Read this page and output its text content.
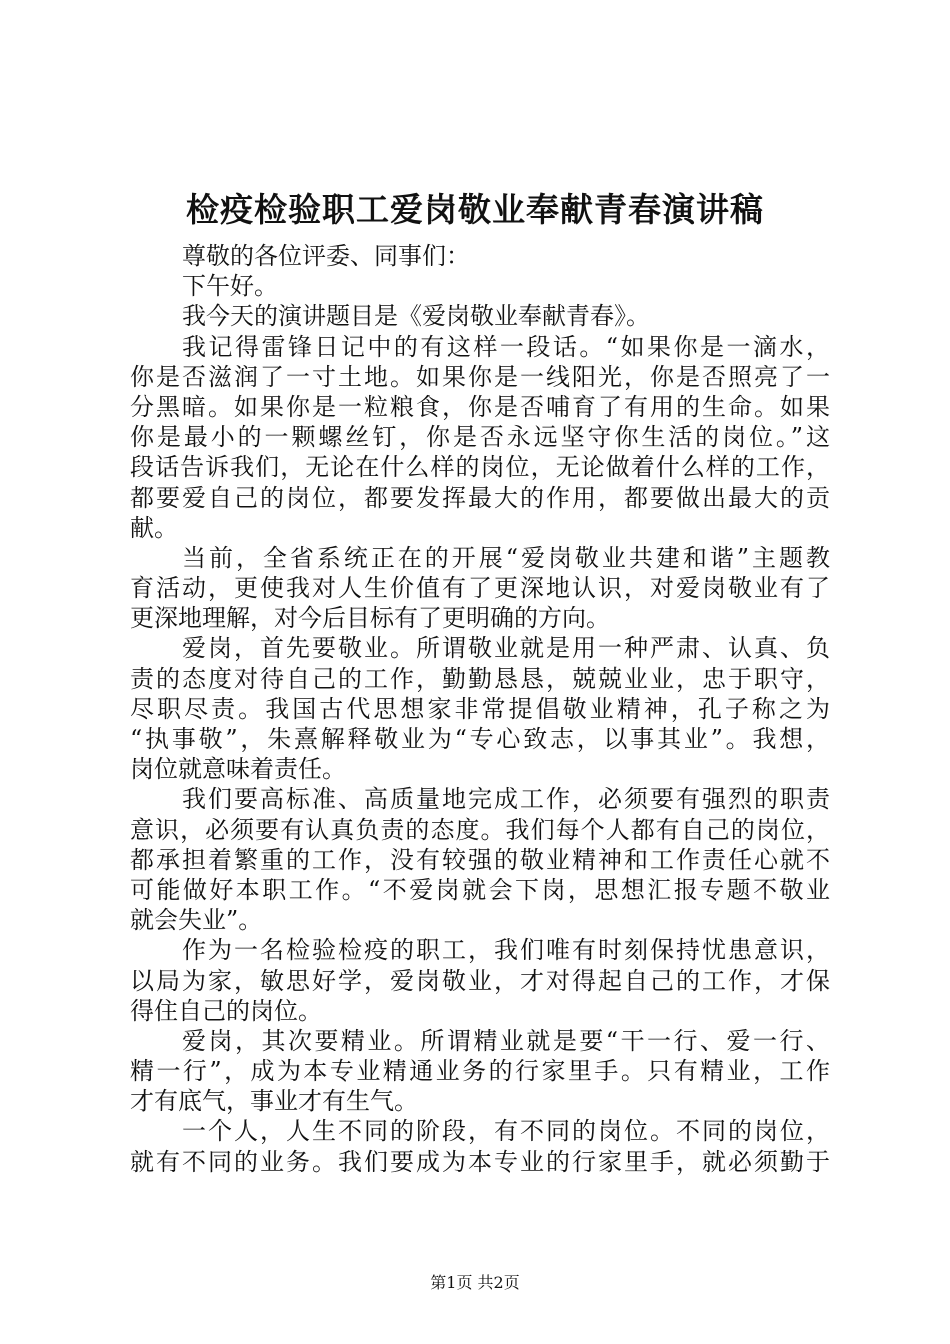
检疫检验职工爱岗敬业奉献青春演讲稿
尊敬的各位评委、同事们：
下午好。
我今天的演讲题目是《爱岗敬业奉献青春》。
我记得雷锋日记中的有这样一段话。“如果你是一滴水，
你是否滋润了一寸土地。如果你是一线阳光，你是否照亮了一
分黑暗。如果你是一粒粮食，你是否哺育了有用的生命。如果
你是最小的一颗螺丝钉，你是否永远坚守你生活的岗位。”这
段话告诉我们，无论在什么样的岗位，无论做着什么样的工作，
都要爱自己的岗位，都要发挥最大的作用，都要做出最大的贡
献。
当前，全省系统正在的开展“爱岗敬业共建和谐”主题教
育活动，更使我对人生价值有了更深地认识，对爱岗敬业有了
更深地理解，对今后目标有了更明确的方向。
爱岗，首先要敬业。所谓敬业就是用一种严肃、认真、负
责的态度对待自己的工作，勤勤恳恳，兢兢业业，忠于职守，
尽职尽责。我国古代思想家非常提倡敬业精神，孔子称之为
“执事敬”，朱熹解释敬业为“专心致志，以事其业”。我想，
岗位就意味着责任。
我们要高标准、高质量地完成工作，必须要有强烈的职责
意识，必须要有认真负责的态度。我们每个人都有自己的岗位，
都承担着繁重的工作，没有较强的敬业精神和工作责任心就不
可能做好本职工作。“不爱岗就会下岗，思想汇报专题不敬业
就会失业”。
作为一名检验检疫的职工，我们唯有时刻保持忧患意识，
以局为家，敏思好学，爱岗敬业，才对得起自己的工作，才保
得住自己的岗位。
爱岗，其次要精业。所谓精业就是要“干一行、爱一行、
精一行”，成为本专业精通业务的行家里手。只有精业，工作
才有底气，事业才有生气。
一个人，人生不同的阶段，有不同的岗位。不同的岗位，
就有不同的业务。我们要成为本专业的行家里手，就必须勤于
第1页 共2页
